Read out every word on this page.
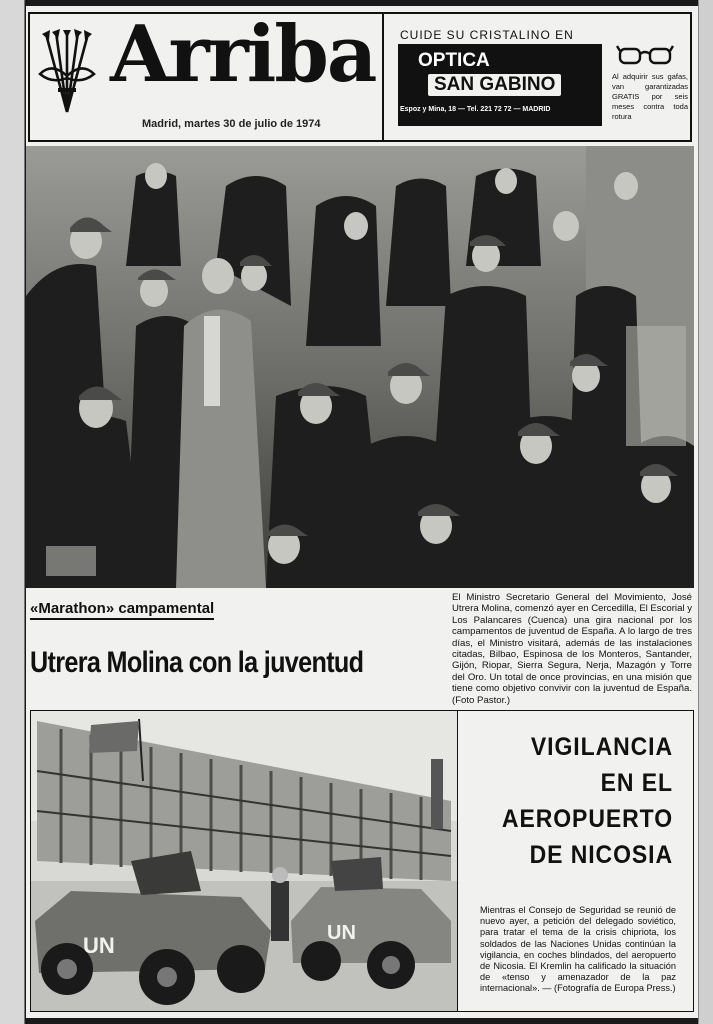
Arriba
Madrid, martes 30 de julio de 1974
CUIDE SU CRISTALINO EN
OPTICA
SAN GABINO
Espoz y Mina, 18 — Tel. 221 72 72 — MADRID
Al adquirir sus gafas, van garantizadas GRATIS por seis meses contra toda rotura
«Marathon» campamental
Utrera Molina con la juventud
El Ministro Secretario General del Movimiento, José Utrera Molina, comenzó ayer en Cercedilla, El Escorial y Los Palancares (Cuenca) una gira nacional por los campamentos de juventud de España. A lo largo de tres días, el Ministro visitará, además de las instalaciones citadas, Bilbao, Espinosa de los Monteros, Santander, Gijón, Riopar, Sierra Segura, Nerja, Mazagón y Torre del Oro. Un total de once provincias, en una misión que tiene como objetivo convivir con la juventud de España. (Foto Pastor.)
UN	UN
VIGILANCIA
EN EL
AEROPUERTO
DE NICOSIA
Mientras el Consejo de Seguridad se reunió de nuevo ayer, a petición del delegado soviético, para tratar el tema de la crisis chipriota, los soldados de las Naciones Unidas continúan la vigilancia, en coches blindados, del aeropuerto de Nicosia. El Kremlin ha calificado la situación de «tenso y amenazador de la paz internacional». — (Fotografía de Europa Press.)
